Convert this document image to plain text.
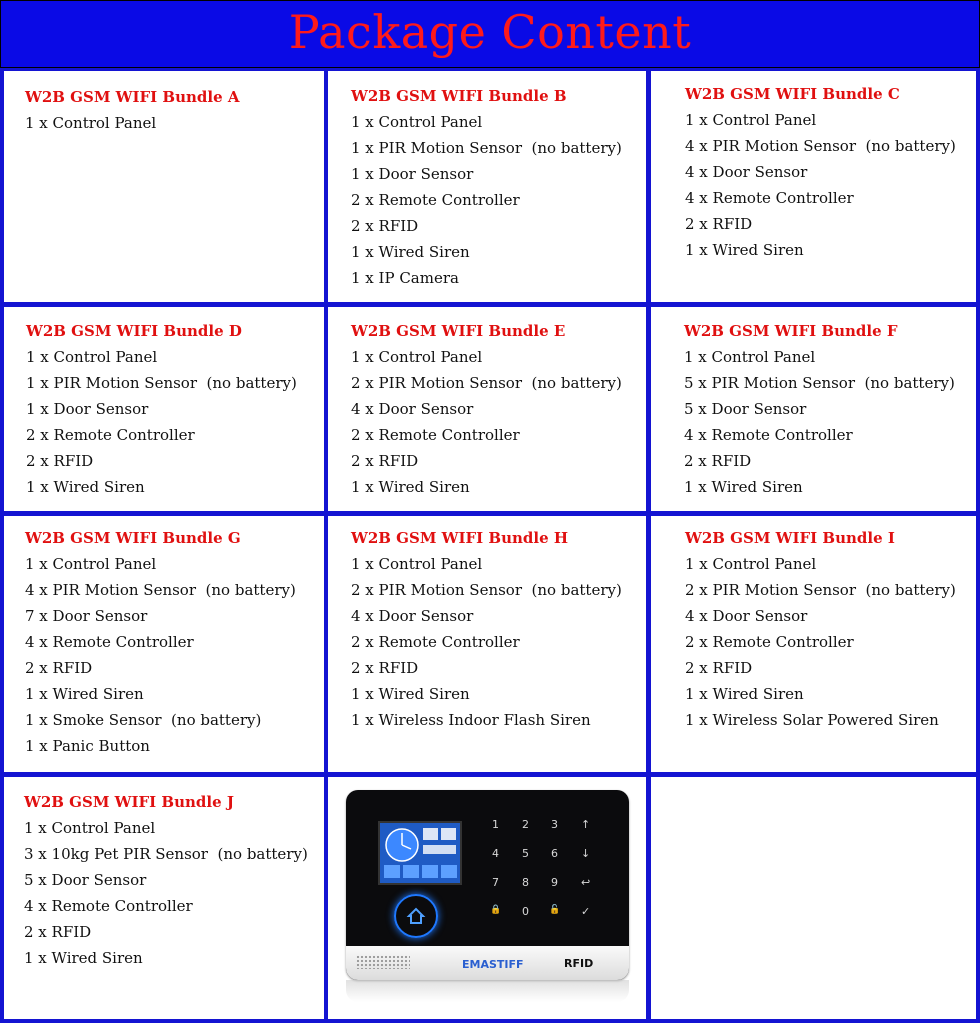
Package Content
W2B GSM WIFI Bundle A
1 x Control Panel
W2B GSM WIFI Bundle B
1 x Control Panel
1 x PIR Motion Sensor  (no battery)
1 x Door Sensor
2 x Remote Controller
2 x RFID
1 x Wired Siren
1 x IP Camera
W2B GSM WIFI Bundle C
1 x Control Panel
4 x PIR Motion Sensor  (no battery)
4 x Door Sensor
4 x Remote Controller
2 x RFID
1 x Wired Siren
W2B GSM WIFI Bundle D
1 x Control Panel
1 x PIR Motion Sensor  (no battery)
1 x Door Sensor
2 x Remote Controller
2 x RFID
1 x Wired Siren
W2B GSM WIFI Bundle E
1 x Control Panel
2 x PIR Motion Sensor  (no battery)
4 x Door Sensor
2 x Remote Controller
2 x RFID
1 x Wired Siren
W2B GSM WIFI Bundle F
1 x Control Panel
5 x PIR Motion Sensor  (no battery)
5 x Door Sensor
4 x Remote Controller
2 x RFID
1 x Wired Siren
W2B GSM WIFI Bundle G
1 x Control Panel
4 x PIR Motion Sensor  (no battery)
7 x Door Sensor
4 x Remote Controller
2 x RFID
1 x Wired Siren
1 x Smoke Sensor  (no battery)
1 x Panic Button
W2B GSM WIFI Bundle H
1 x Control Panel
2 x PIR Motion Sensor  (no battery)
4 x Door Sensor
2 x Remote Controller
2 x RFID
1 x Wired Siren
1 x Wireless Indoor Flash Siren
W2B GSM WIFI Bundle I
1 x Control Panel
2 x PIR Motion Sensor  (no battery)
4 x Door Sensor
2 x Remote Controller
2 x RFID
1 x Wired Siren
1 x Wireless Solar Powered Siren
W2B GSM WIFI Bundle J
1 x Control Panel
3 x 10kg Pet PIR Sensor  (no battery)
5 x Door Sensor
4 x Remote Controller
2 x RFID
1 x Wired Siren
1 2 3 ↑
4 5 6 ↓
7 8 9 ↩
🔒 0 🔓 ✓
EMASTIFF	RFID
